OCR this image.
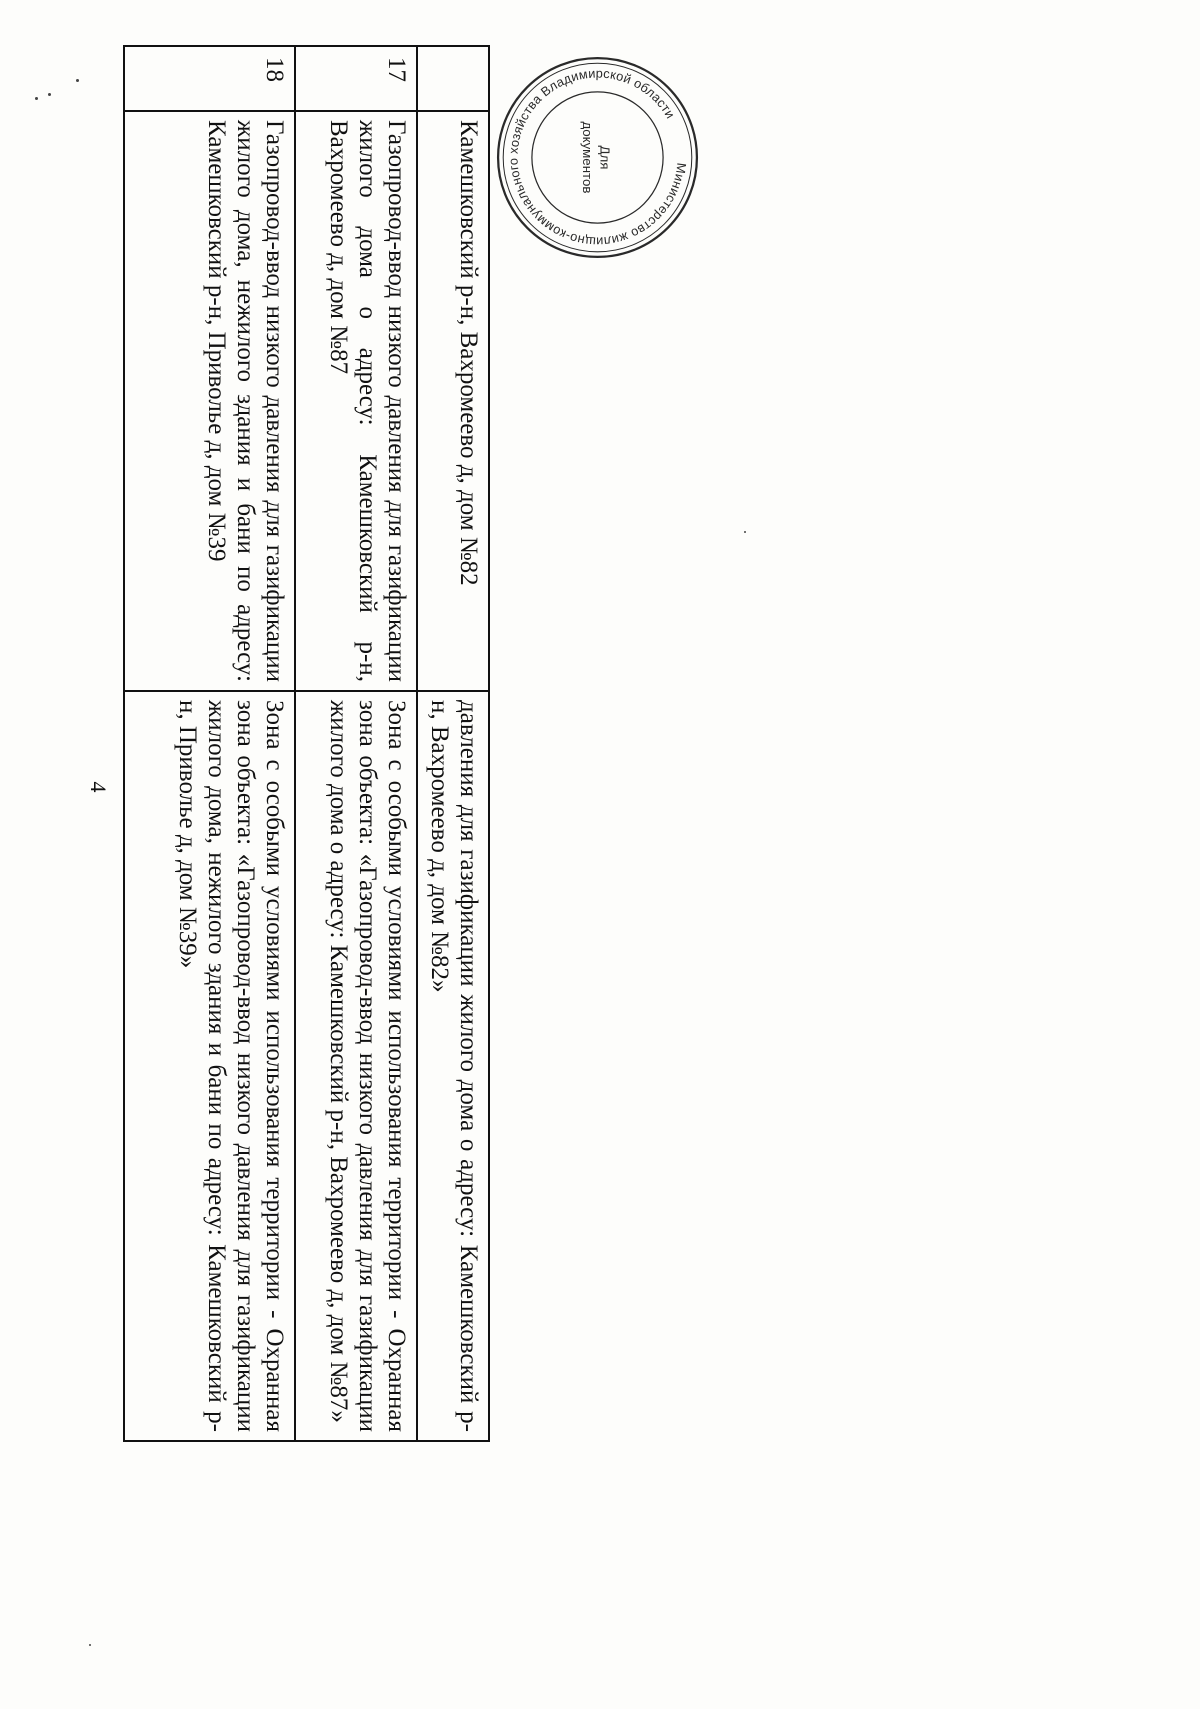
4
	Камешковский р-н, Вахромеево д, дом №82	давления для газификации жилого дома о адресу: Камешковский р-н, Вахромеево д, дом №82»
17	Газопровод-ввод низкого давления для газификации жилого дома о адресу: Камешковский р-н, Вахромеево д, дом №87	Зона с особыми условиями использования территории - Охранная зона объекта: «Газопровод-ввод низкого давления для газификации жилого дома о адресу: Камешковский р-н, Вахромеево д, дом №87»
18	Газопровод-ввод низкого давления для газификации жилого дома, нежилого здания и бани по адресу: Камешковский р-н, Приволье д, дом №39	Зона с особыми условиями использования территории - Охранная зона объекта: «Газопровод-ввод низкого давления для газификации жилого дома, нежилого здания и бани по адресу: Камешковский р-н, Приволье д, дом №39»
Министерство жилищно-коммунального хозяйства Владимирской области
Для
документов
